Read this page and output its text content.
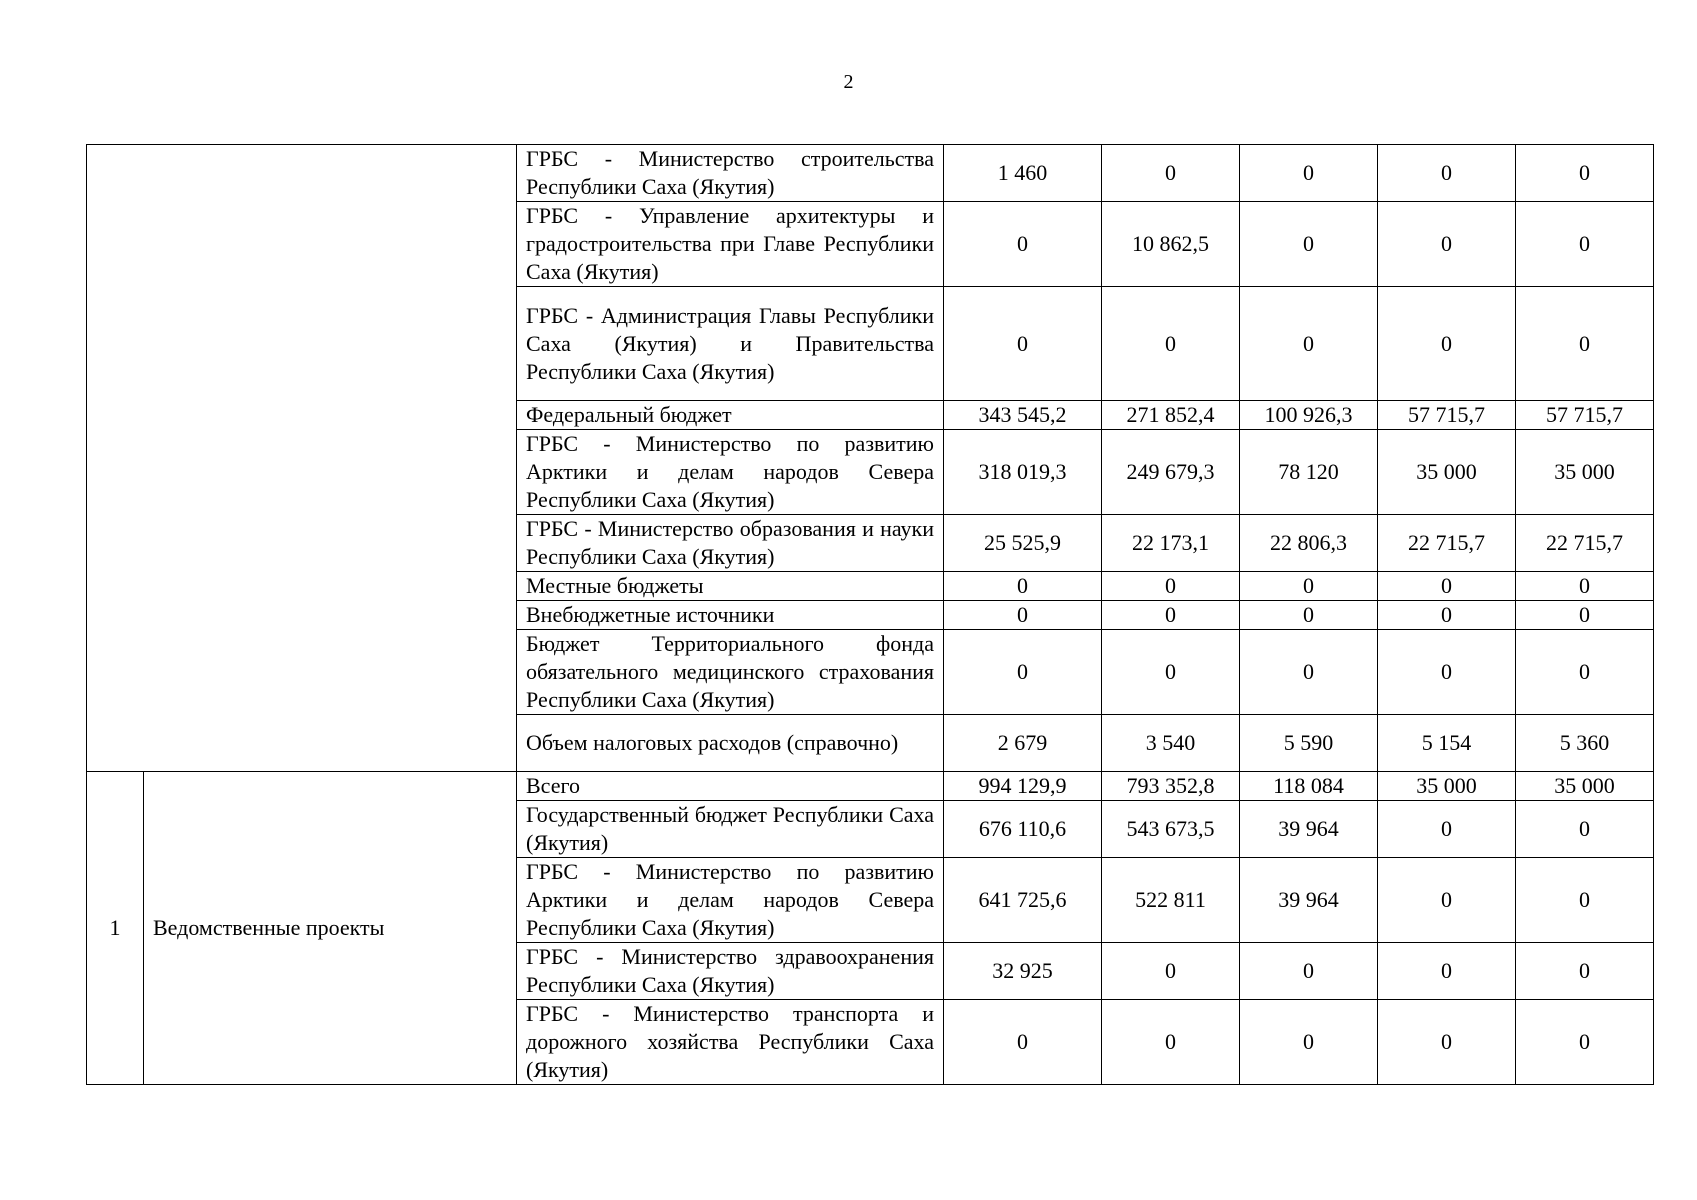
2
		ГРБС - Министерство строительства Республики Саха (Якутия)	1 460	0	0	0	0
		ГРБС - Управление архитектуры и градостроительства при Главе Республики Саха (Якутия)	0	10 862,5	0	0	0
		ГРБС - Администрация Главы Республики Саха (Якутия) и Правительства Республики Саха (Якутия)	0	0	0	0	0
		Федеральный бюджет	343 545,2	271 852,4	100 926,3	57 715,7	57 715,7
		ГРБС - Министерство по развитию Арктики и делам народов Севера Республики Саха (Якутия)	318 019,3	249 679,3	78 120	35 000	35 000
		ГРБС - Министерство образования и науки Республики Саха (Якутия)	25 525,9	22 173,1	22 806,3	22 715,7	22 715,7
		Местные бюджеты	0	0	0	0	0
		Внебюджетные источники	0	0	0	0	0
		Бюджет Территориального фонда обязательного медицинского страхования Республики Саха (Якутия)	0	0	0	0	0
		Объем налоговых расходов (справочно)	2 679	3 540	5 590	5 154	5 360
1	Ведомственные проекты	Всего	994 129,9	793 352,8	118 084	35 000	35 000
		Государственный бюджет Республики Саха (Якутия)	676 110,6	543 673,5	39 964	0	0
		ГРБС - Министерство по развитию Арктики и делам народов Севера Республики Саха (Якутия)	641 725,6	522 811	39 964	0	0
		ГРБС - Министерство здравоохранения Республики Саха (Якутия)	32 925	0	0	0	0
		ГРБС - Министерство транспорта и дорожного хозяйства Республики Саха (Якутия)	0	0	0	0	0
